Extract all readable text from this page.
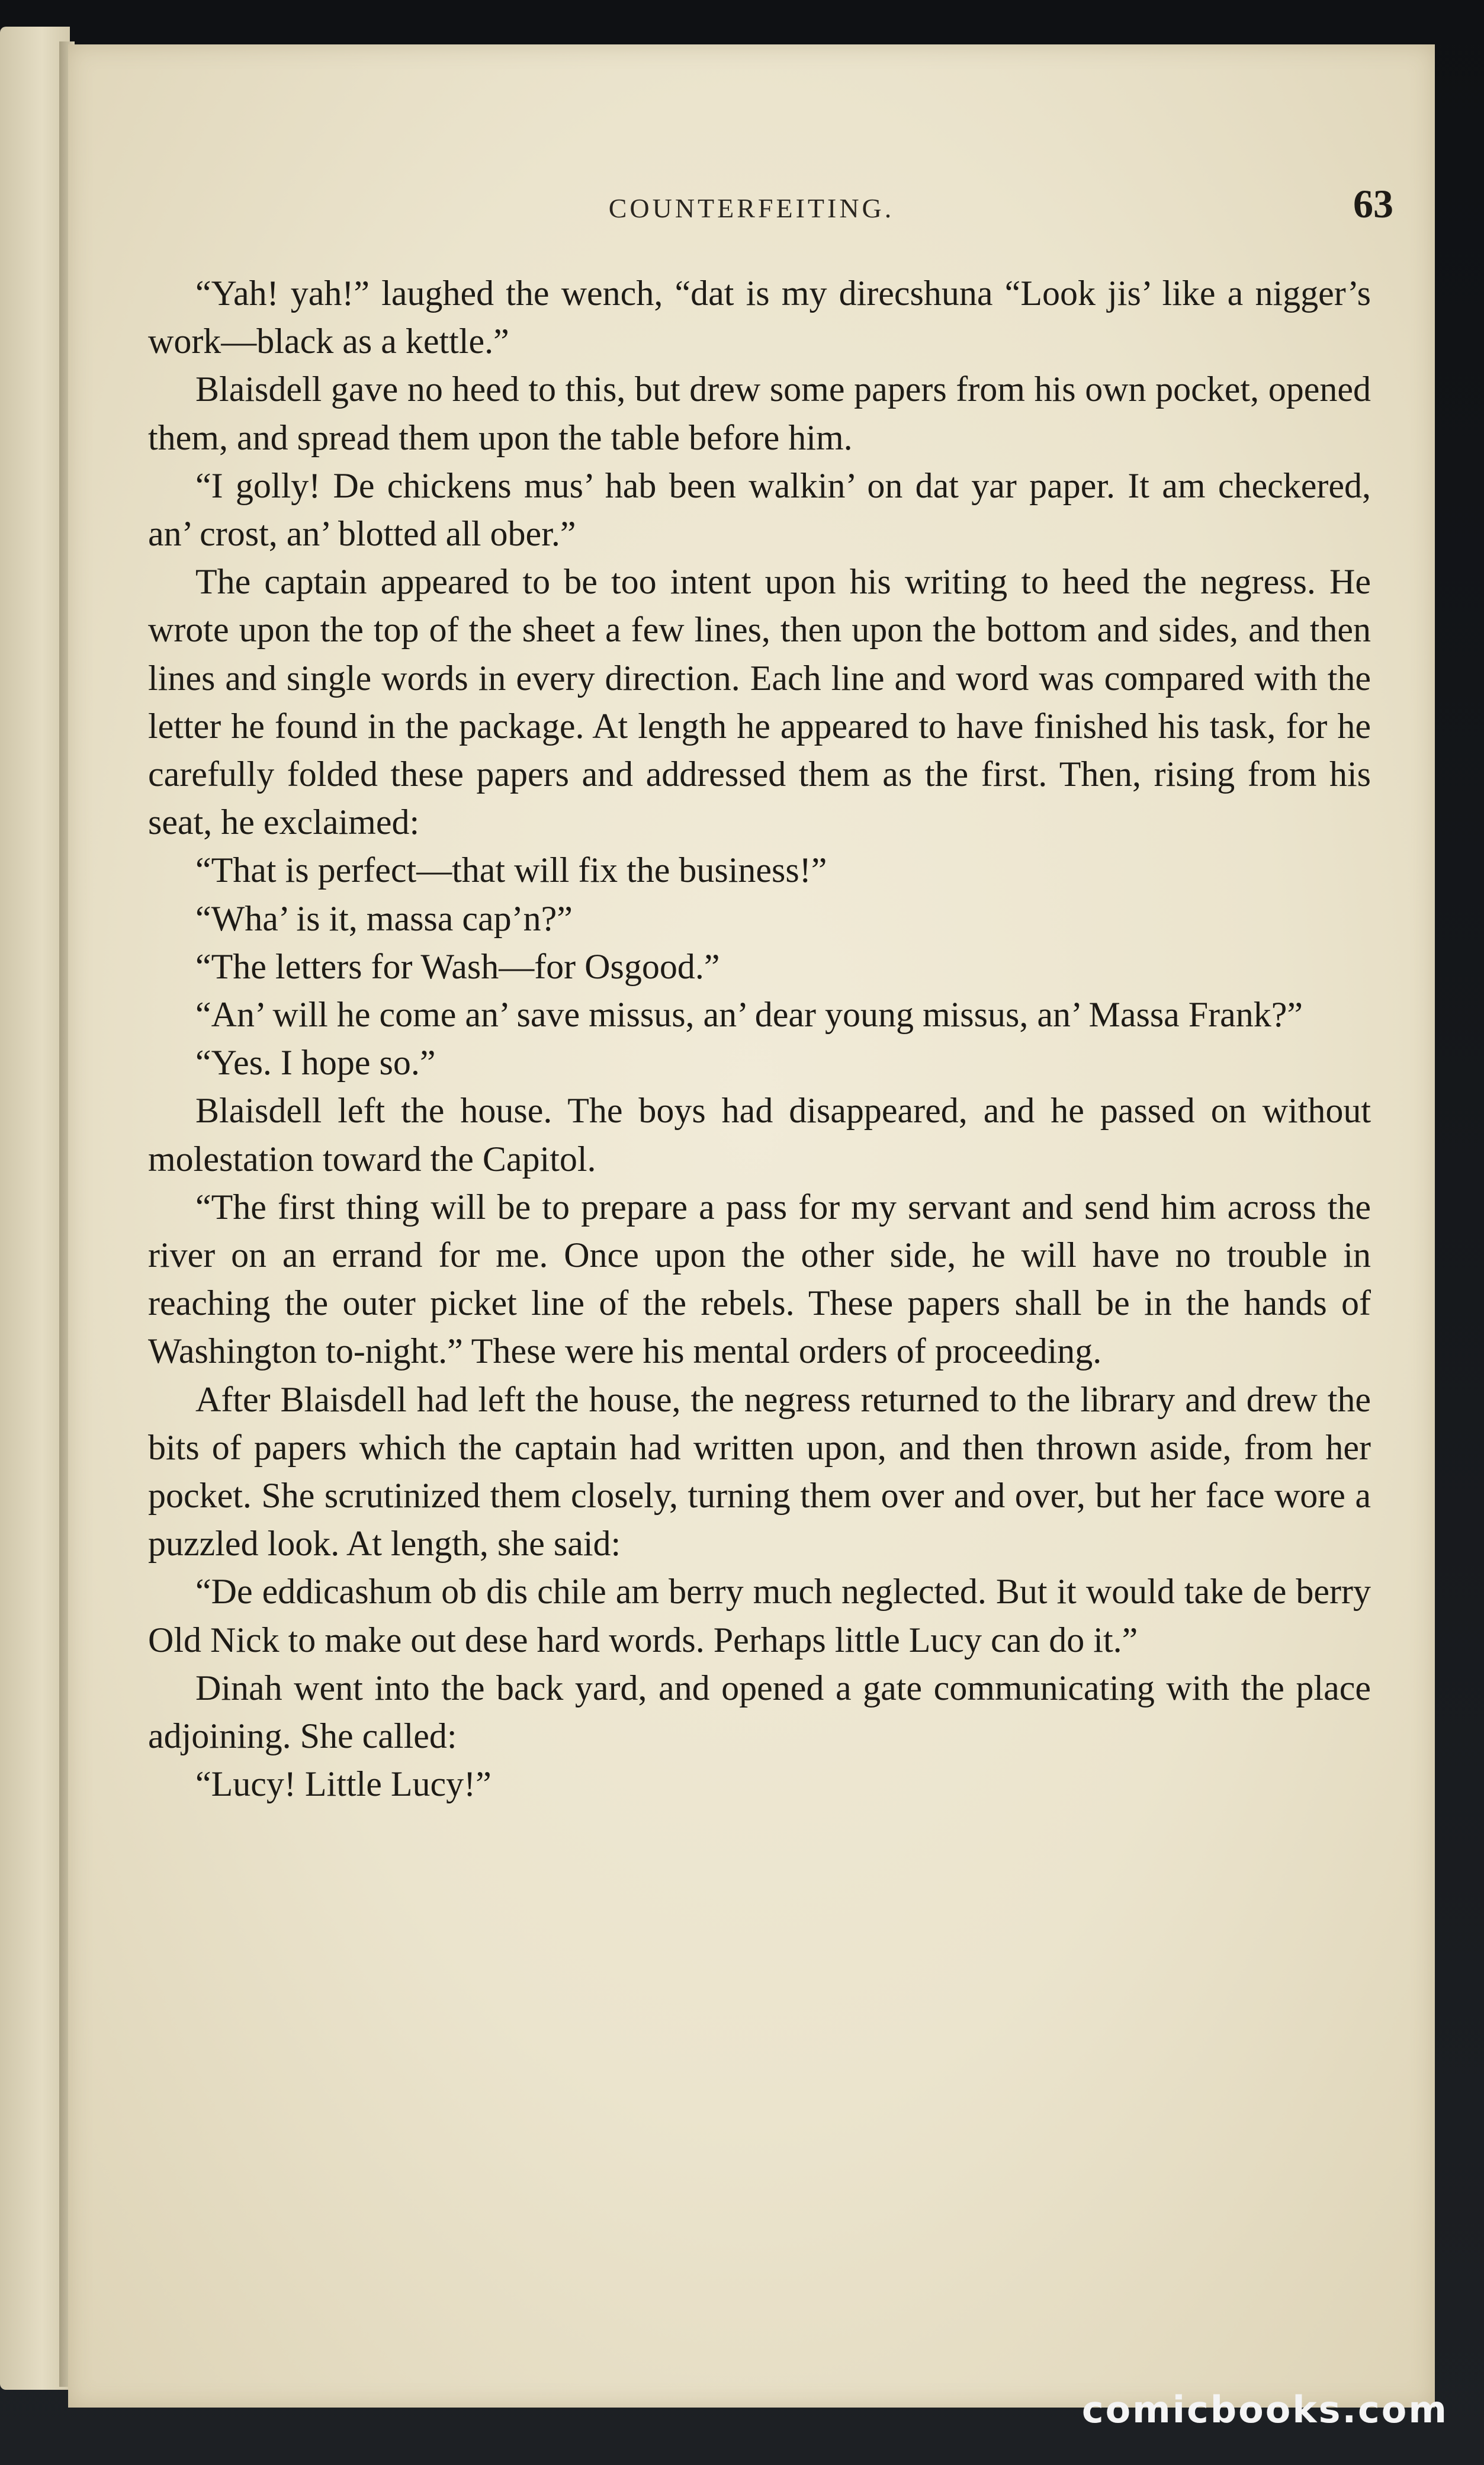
COUNTERFEITING.	63

“Yah! yah!” laughed the wench, “dat is my direcshuna “Look jis’ like a nigger’s work—black as a kettle.”

Blaisdell gave no heed to this, but drew some papers from his own pocket, opened them, and spread them upon the table before him.

“I golly! De chickens mus’ hab been walkin’ on dat yar paper. It am checkered, an’ crost, an’ blotted all ober.”

The captain appeared to be too intent upon his writing to heed the negress. He wrote upon the top of the sheet a few lines, then upon the bottom and sides, and then lines and single words in every direction. Each line and word was compared with the letter he found in the package. At length he appeared to have finished his task, for he carefully folded these papers and addressed them as the first. Then, rising from his seat, he exclaimed:

“That is perfect—that will fix the business!”

“Wha’ is it, massa cap’n?”

“The letters for Wash—for Osgood.”

“An’ will he come an’ save missus, an’ dear young missus, an’ Massa Frank?”

“Yes. I hope so.”

Blaisdell left the house. The boys had disappeared, and he passed on without molestation toward the Capitol.

“The first thing will be to prepare a pass for my servant and send him across the river on an errand for me. Once upon the other side, he will have no trouble in reaching the outer picket line of the rebels. These papers shall be in the hands of Washington to-night.” These were his mental orders of proceeding.

After Blaisdell had left the house, the negress returned to the library and drew the bits of papers which the captain had written upon, and then thrown aside, from her pocket. She scrutinized them closely, turning them over and over, but her face wore a puzzled look. At length, she said:

“De eddicashum ob dis chile am berry much neglected. But it would take de berry Old Nick to make out dese hard words. Perhaps little Lucy can do it.”

Dinah went into the back yard, and opened a gate communicating with the place adjoining. She called:

“Lucy! Little Lucy!”

comicbooks.com
